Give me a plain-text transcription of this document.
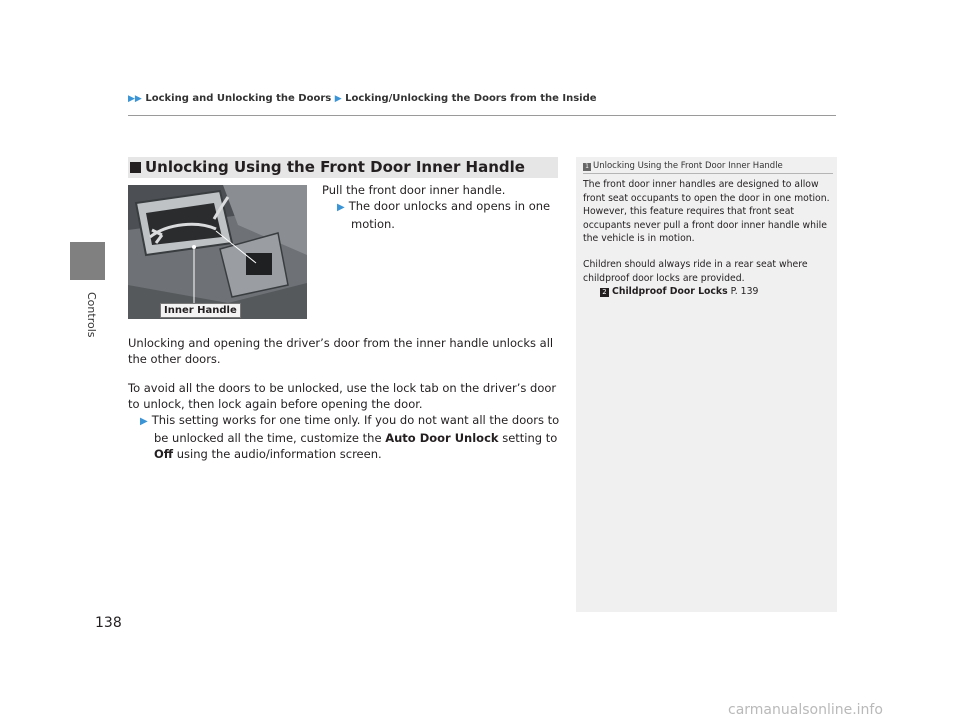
Controls
▶▶ Locking and Unlocking the Doors ▶ Locking/Unlocking the Doors from the Inside
Unlocking Using the Front Door Inner Handle
Inner Handle
Pull the front door inner handle.
▶ The door unlocks and opens in one motion.
Unlocking and opening the driver’s door from the inner handle unlocks all the other doors.
To avoid all the doors to be unlocked, use the lock tab on the driver’s door to unlock, then lock again before opening the door.
▶ This setting works for one time only. If you do not want all the doors to be unlocked all the time, customize the Auto Door Unlock setting to Off using the audio/information screen.
1 Unlocking Using the Front Door Inner Handle
The front door inner handles are designed to allow front seat occupants to open the door in one motion. However, this feature requires that front seat occupants never pull a front door inner handle while the vehicle is in motion.
Children should always ride in a rear seat where childproof door locks are provided.
2 Childproof Door Locks P. 139
138
carmanualsonline.info
